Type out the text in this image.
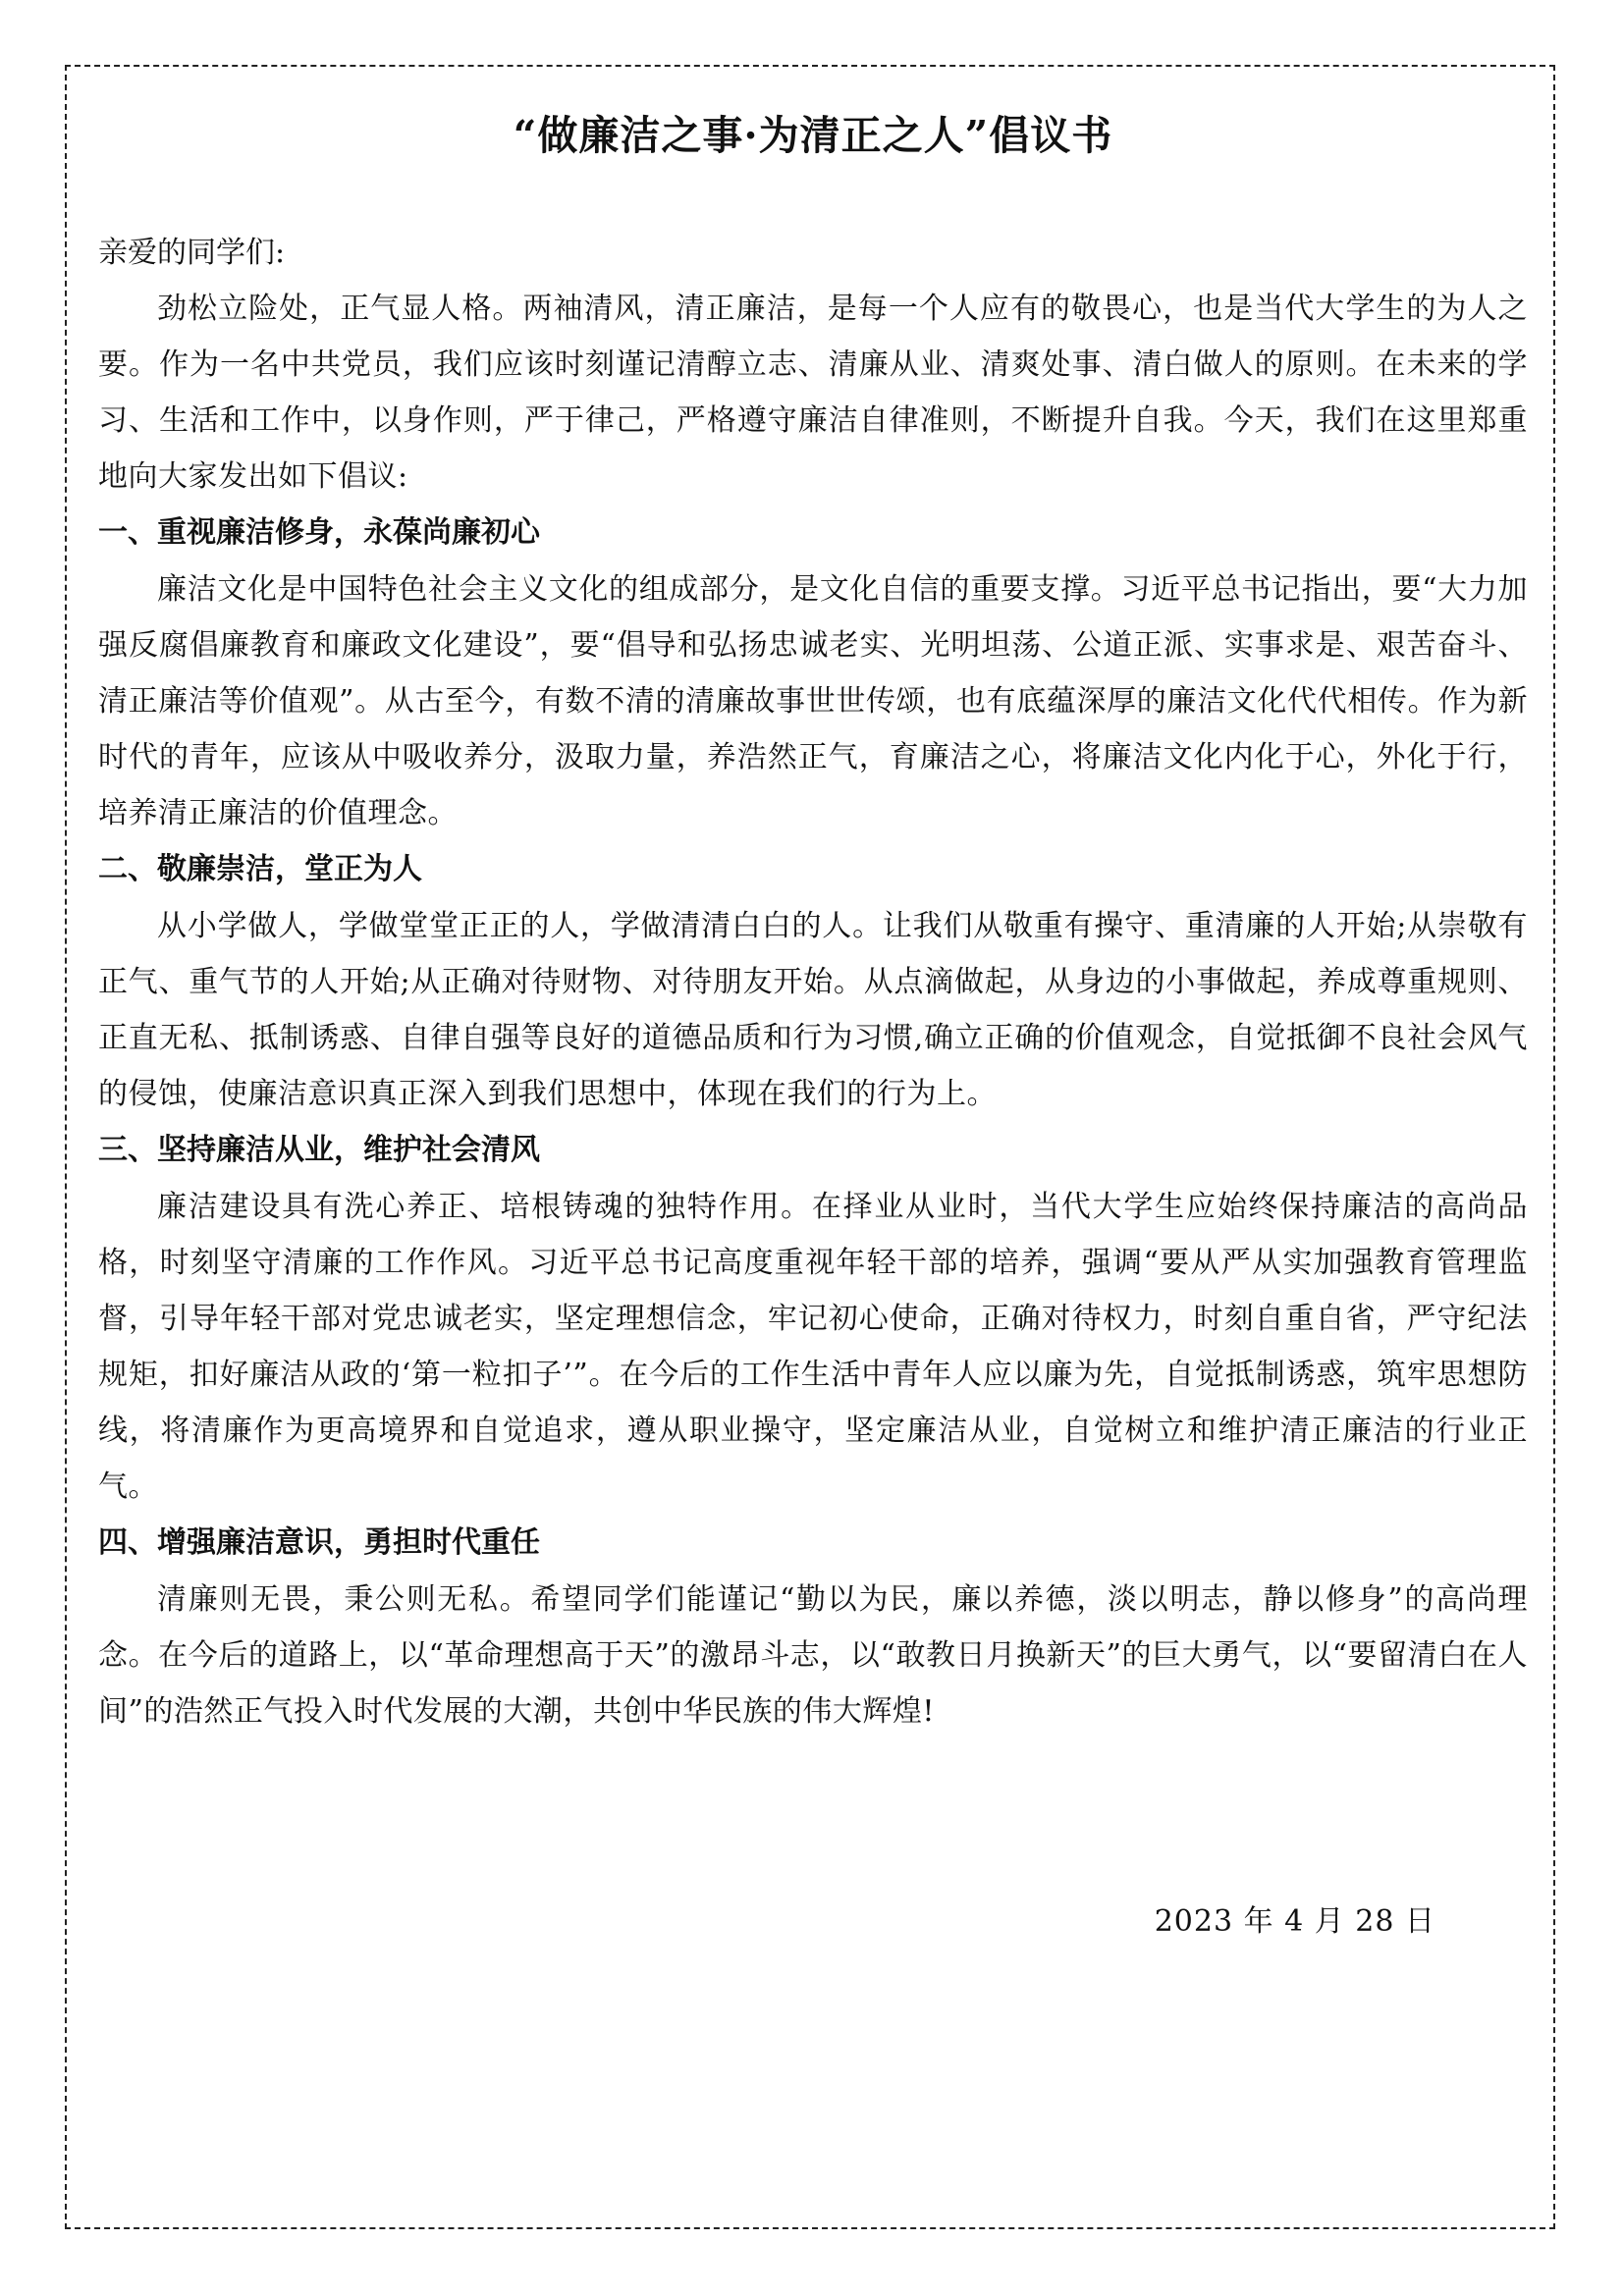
“做廉洁之事·为清正之人”倡议书

亲爱的同学们:

劲松立险处，正气显人格。两袖清风，清正廉洁，是每一个人应有的敬畏心，也是当代大学生的为人之要。作为一名中共党员，我们应该时刻谨记清醇立志、清廉从业、清爽处事、清白做人的原则。在未来的学习、生活和工作中，以身作则，严于律己，严格遵守廉洁自律准则，不断提升自我。今天，我们在这里郑重地向大家发出如下倡议:

一、重视廉洁修身，永葆尚廉初心

廉洁文化是中国特色社会主义文化的组成部分，是文化自信的重要支撑。习近平总书记指出，要“大力加强反腐倡廉教育和廉政文化建设”，要“倡导和弘扬忠诚老实、光明坦荡、公道正派、实事求是、艰苦奋斗、清正廉洁等价值观”。从古至今，有数不清的清廉故事世世传颂，也有底蕴深厚的廉洁文化代代相传。作为新时代的青年，应该从中吸收养分，汲取力量，养浩然正气，育廉洁之心，将廉洁文化内化于心，外化于行，培养清正廉洁的价值理念。

二、敬廉崇洁，堂正为人

从小学做人，学做堂堂正正的人，学做清清白白的人。让我们从敬重有操守、重清廉的人开始;从崇敬有正气、重气节的人开始;从正确对待财物、对待朋友开始。从点滴做起，从身边的小事做起，养成尊重规则、正直无私、抵制诱惑、自律自强等良好的道德品质和行为习惯,确立正确的价值观念，自觉抵御不良社会风气的侵蚀，使廉洁意识真正深入到我们思想中，体现在我们的行为上。

三、坚持廉洁从业，维护社会清风

廉洁建设具有洗心养正、培根铸魂的独特作用。在择业从业时，当代大学生应始终保持廉洁的高尚品格，时刻坚守清廉的工作作风。习近平总书记高度重视年轻干部的培养，强调“要从严从实加强教育管理监督，引导年轻干部对党忠诚老实，坚定理想信念，牢记初心使命，正确对待权力，时刻自重自省，严守纪法规矩，扣好廉洁从政的‘第一粒扣子’”。在今后的工作生活中青年人应以廉为先，自觉抵制诱惑，筑牢思想防线，将清廉作为更高境界和自觉追求，遵从职业操守，坚定廉洁从业，自觉树立和维护清正廉洁的行业正气。

四、增强廉洁意识，勇担时代重任

清廉则无畏，秉公则无私。希望同学们能谨记“勤以为民，廉以养德，淡以明志，静以修身”的高尚理念。在今后的道路上，以“革命理想高于天”的激昂斗志，以“敢教日月换新天”的巨大勇气，以“要留清白在人间”的浩然正气投入时代发展的大潮，共创中华民族的伟大辉煌!

2023 年 4 月 28 日
